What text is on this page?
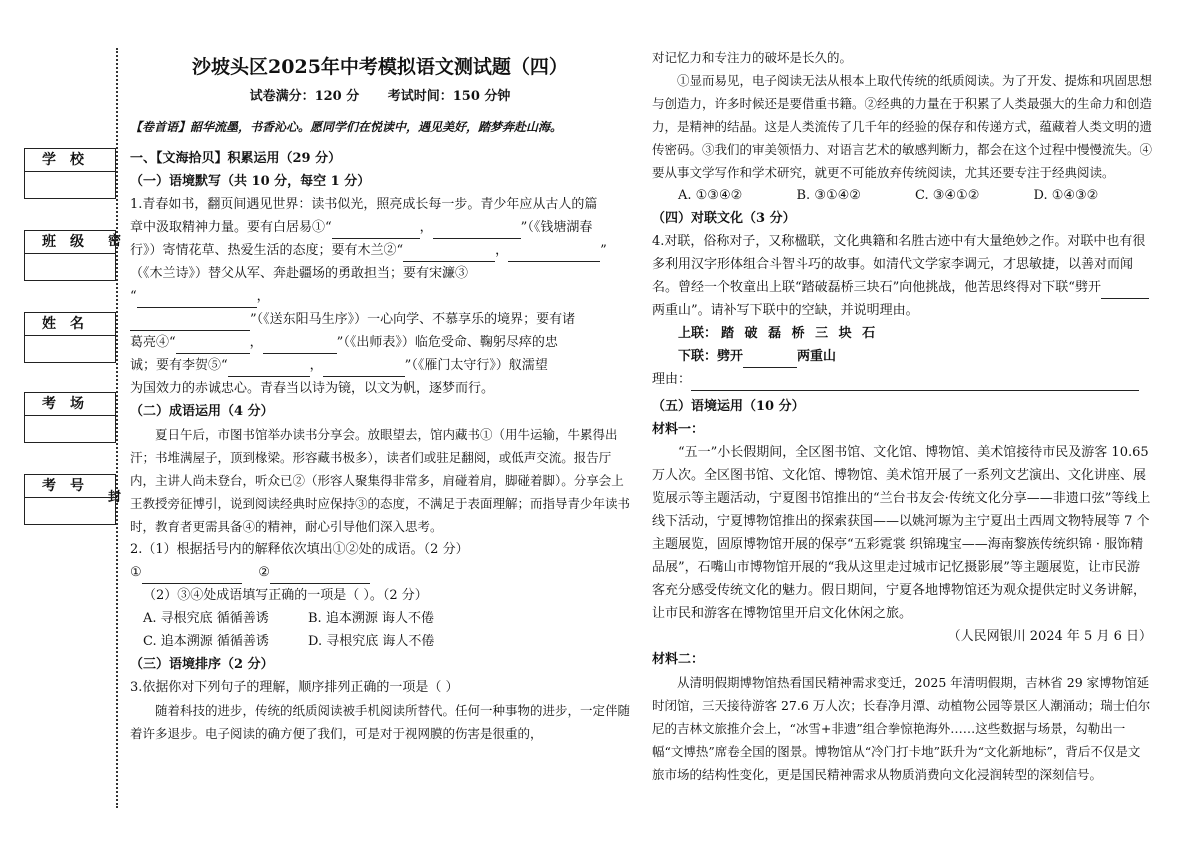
密
封
学校
班级
姓名
考场
考号
沙坡头区2025年中考模拟语文测试题（四）
试卷满分：120 分 考试时间：150 分钟
【卷首语】韶华流墨，书香沁心。愿同学们在悦读中，遇见美好，踏梦奔赴山海。
一、【文海拾贝】积累运用（29 分）
（一）语境默写（共 10 分，每空 1 分）
1.青春如书，翻页间遇见世界：读书似光，照亮成长每一步。青少年应从古人的篇
章中汲取精神力量。要有白居易①“	，	”（《钱塘湖春
行》）寄情花草、热爱生活的态度；要有木兰②“	，	”
（《木兰诗》）替父从军、奔赴疆场的勇敢担当；要有宋濂③
“	，
”（《送东阳马生序》）一心向学、不慕享乐的境界；要有诸
葛亮④“	，	”（《出师表》）临危受命、鞠躬尽瘁的忠
诚；要有李贺⑤“	，	”（《雁门太守行》）舣濡望
为国效力的赤诚忠心。青春当以诗为镜，以文为帆，逐梦而行。
（二）成语运用（4 分）
夏日午后，市图书馆举办读书分享会。放眼望去，馆内藏书①（用牛运输，牛累得出汗；书堆满屋子，顶到椽梁。形容藏书极多），读者们或驻足翻阅，或低声交流。报告厅内，主讲人尚未登台，听众已②（形容人聚集得非常多，肩碰着肩，脚碰着脚）。分享会上王教授旁征博引，说到阅读经典时应保持③的态度，不满足于表面理解；而指导青少年读书时，教育者更需具备④的精神，耐心引导他们深入思考。
2.（1）根据括号内的解释依次填出①②处的成语。（2 分）
①	②
（2）③④处成语填写正确的一项是（ ）。（2 分）
A. 寻根究底 循循善诱	B. 追本溯源 诲人不倦
C. 追本溯源 循循善诱	D. 寻根究底 诲人不倦
（三）语境排序（2 分）
3.依据你对下列句子的理解，顺序排列正确的一项是（ ）
随着科技的进步，传统的纸质阅读被手机阅读所替代。任何一种事物的进步，一定伴随着许多退步。电子阅读的确方便了我们，可是对于视网膜的伤害是很重的，
对记忆力和专注力的破坏是长久的。
①显而易见，电子阅读无法从根本上取代传统的纸质阅读。为了开发、提炼和巩固思想与创造力，许多时候还是要借重书籍。②经典的力量在于积累了人类最强大的生命力和创造力，是精神的结晶。这是人类流传了几千年的经验的保存和传递方式，蕴藏着人类文明的遗传密码。③我们的审美领悟力、对语言艺术的敏感判断力，都会在这个过程中慢慢流失。④要从事文学写作和学术研究，就更不可能放弃传统阅读，尤其还要专注于经典阅读。
A. ①③④②	B. ③①④②	C. ③④①②	D. ①④③②
（四）对联文化（3 分）
4.对联，俗称对子，又称楹联，文化典籍和名胜古迹中有大量绝妙之作。对联中也有很多利用汉字形体组合斗智斗巧的故事。如清代文学家李调元，才思敏捷，以善对而闻名。曾经一个牧童出上联“踏破磊桥三块石”向他挑战，他苦思终得对下联“劈开两重山”。请补写下联中的空缺，并说明理由。
上联： 踏 破 磊 桥 三 块 石
下联：劈开	两重山
理由：
（五）语境运用（10 分）
材料一：
“五一”小长假期间，全区图书馆、文化馆、博物馆、美术馆接待市民及游客 10.65 万人次。全区图书馆、文化馆、博物馆、美术馆开展了一系列文艺演出、文化讲座、展览展示等主题活动，宁夏图书馆推出的“兰台书友会·传统文化分享——非遗口弦”等线上线下活动，宁夏博物馆推出的探索获国——以姚河塬为主宁夏出土西周文物特展等 7 个主题展览，固原博物馆开展的保亭“五彩霓裳 织锦瑰宝——海南黎族传统织锦 · 服饰精品展”，石嘴山市博物馆开展的“我从这里走过城市记忆摄影展”等主题展览，让市民游客充分感受传统文化的魅力。假日期间，宁夏各地博物馆还为观众提供定时义务讲解，让市民和游客在博物馆里开启文化休闲之旅。
（人民网银川 2024 年 5 月 6 日）
材料二：
从清明假期博物馆热看国民精神需求变迁，2025 年清明假期，吉林省 29 家博物馆延时闭馆，三天接待游客 27.6 万人次；长春净月潭、动植物公园等景区人潮涌动；瑞士伯尔尼的吉林文旅推介会上，“冰雪+非遗”组合拳惊艳海外……这些数据与场景，勾勒出一幅“文博热”席卷全国的图景。博物馆从“冷门打卡地”跃升为“文化新地标”，背后不仅是文旅市场的结构性变化，更是国民精神需求从物质消费向文化浸润转型的深刻信号。
